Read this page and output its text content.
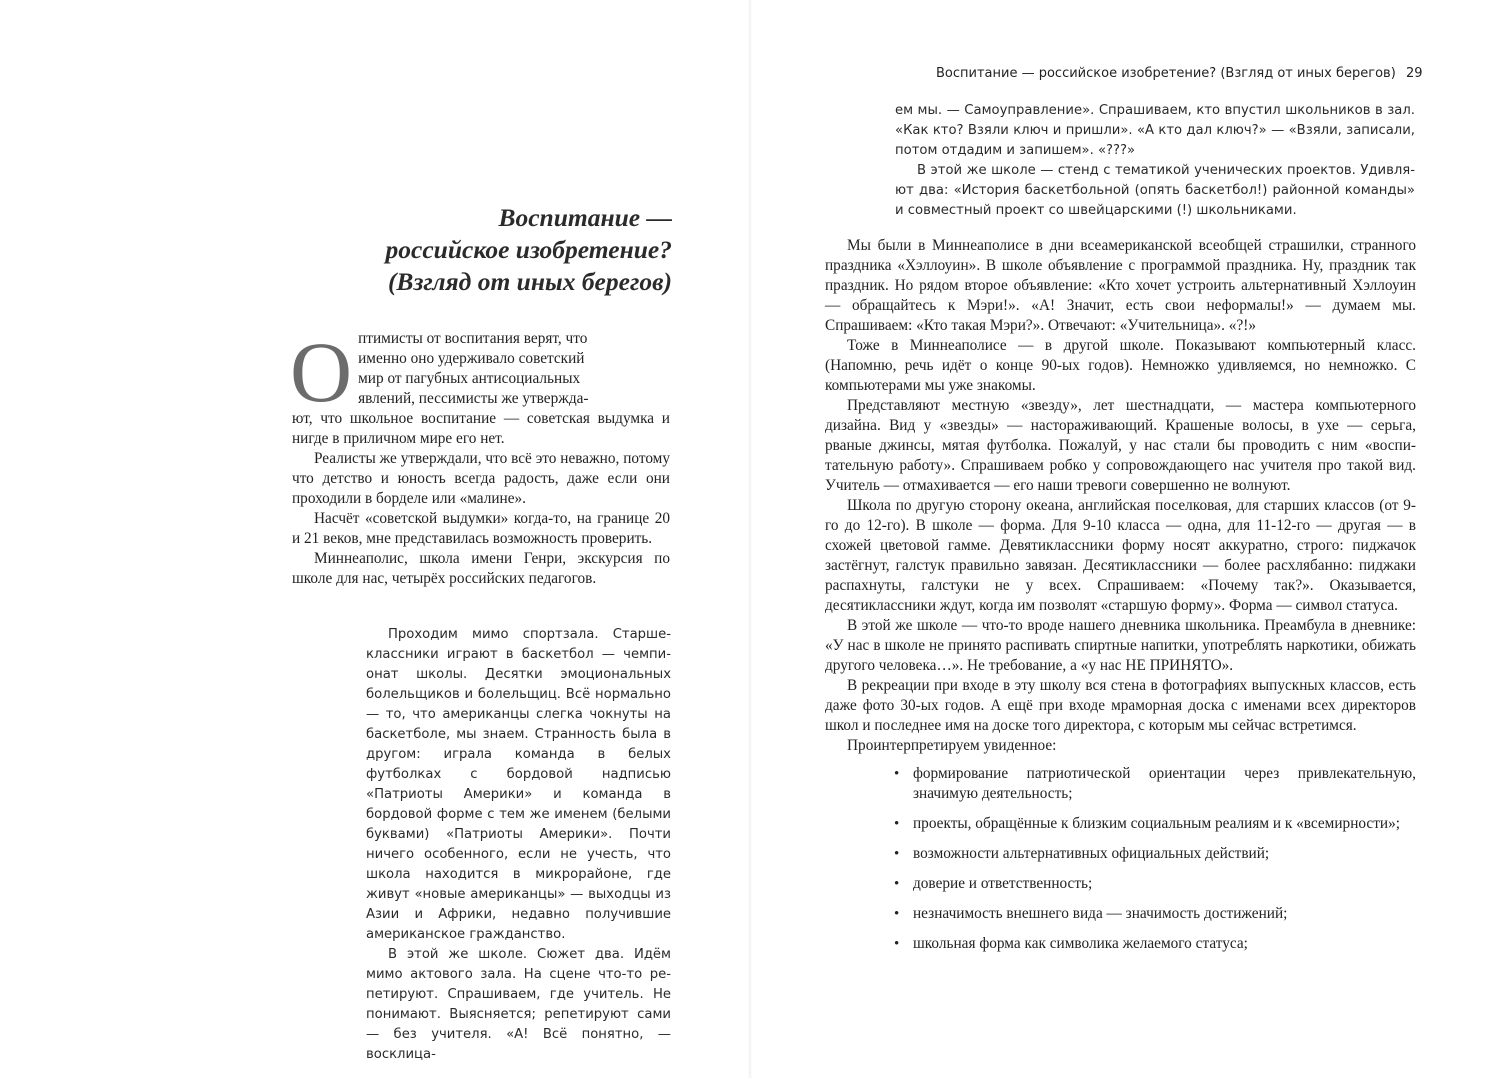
Воспитание —
российское изобретение?
(Взгляд от иных берегов)

О птимисты от воспитания верят, что
именно оно удерживало советский
мир от пагубных антисоциальных
явлений, пессимисты же утвержда-
ют, что школьное воспитание — советская выдумка и нигде в приличном мире его нет.

Реалисты же утверждали, что всё это неважно, потому что детство и юность всегда радость, даже если они проходили в борделе или «малине».

Насчёт «советской выдумки» когда-то, на границе 20 и 21 веков, мне представилась возможность проверить.

Миннеаполис, школа имени Генри, экскурсия по школе для нас, четырёх российских педагогов.

Проходим мимо спортзала. Старшеклассники играют в баскетбол — чемпионат школы. Десятки эмоциональных болельщиков и болельщиц. Всё нормально — то, что американцы слегка чокнуты на баскетболе, мы знаем. Странность была в другом: играла команда в белых футболках с бордовой надписью «Патриоты Америки» и команда в бордовой форме с тем же именем (белыми буквами) «Патриоты Америки». Почти ничего особенного, если не учесть, что школа находится в микрорайоне, где живут «новые американцы» — выходцы из Азии и Африки, недавно получившие американское гражданство.

В этой же школе. Сюжет два. Идём мимо актового зала. На сцене что-то репетируют. Спрашиваем, где учитель. Не понимают. Выясняется; репетируют сами — без учителя. «А! Всё понятно, — восклица-

Воспитание — российское изобретение? (Взгляд от иных берегов) 29

ем мы. — Самоуправление». Спрашиваем, кто впустил школьников в зал. «Как кто? Взяли ключ и пришли». «А кто дал ключ?» — «Взяли, записали, потом отдадим и запишем». «???»

В этой же школе — стенд с тематикой ученических проектов. Удивляют два: «История баскетбольной (опять баскетбол!) районной команды» и совместный проект со швейцарскими (!) школьниками.

Мы были в Миннеаполисе в дни всеамериканской всеобщей страшилки, странного праздника «Хэллоуин». В школе объявление с программой праздника. Ну, праздник так праздник. Но рядом второе объявление: «Кто хочет устроить альтернативный Хэллоуин — обращайтесь к Мэри!». «А! Значит, есть свои неформалы!» — думаем мы. Спрашиваем: «Кто такая Мэри?». Отвечают: «Учительница». «?!»

Тоже в Миннеаполисе — в другой школе. Показывают компьютерный класс. (Напомню, речь идёт о конце 90-ых годов). Немножко удивляемся, но немножко. С компьютерами мы уже знакомы.

Представляют местную «звезду», лет шестнадцати, — мастера компьютерного дизайна. Вид у «звезды» — настораживающий. Крашеные волосы, в ухе — серьга, рваные джинсы, мятая футболка. Пожалуй, у нас стали бы проводить с ним «воспитательную работу». Спрашиваем робко у сопровождающего нас учителя про такой вид. Учитель — отмахивается — его наши тревоги совершенно не волнуют.

Школа по другую сторону океана, английская поселковая, для старших классов (от 9-го до 12-го). В школе — форма. Для 9-10 класса — одна, для 11-12-го — другая — в схожей цветовой гамме. Девятиклассники форму носят аккуратно, строго: пиджачок застёгнут, галстук правильно завязан. Десятиклассники — более расхлябанно: пиджаки распахнуты, галстуки не у всех. Спрашиваем: «Почему так?». Оказывается, десятиклассники ждут, когда им позволят «старшую форму». Форма — символ статуса.

В этой же школе — что-то вроде нашего дневника школьника. Преамбула в дневнике: «У нас в школе не принято распивать спиртные напитки, употреблять наркотики, обижать другого человека…». Не требование, а «у нас НЕ ПРИНЯТО».

В рекреации при входе в эту школу вся стена в фотографиях выпускных классов, есть даже фото 30-ых годов. А ещё при входе мраморная доска с именами всех директоров школ и последнее имя на доске того директора, с которым мы сейчас встретимся.

Проинтерпретируем увиденное:

• формирование патриотической ориентации через привлекательную, значимую деятельность;
• проекты, обращённые к близким социальным реалиям и к «всемирности»;
• возможности альтернативных официальных действий;
• доверие и ответственность;
• незначимость внешнего вида — значимость достижений;
• школьная форма как символика желаемого статуса;
